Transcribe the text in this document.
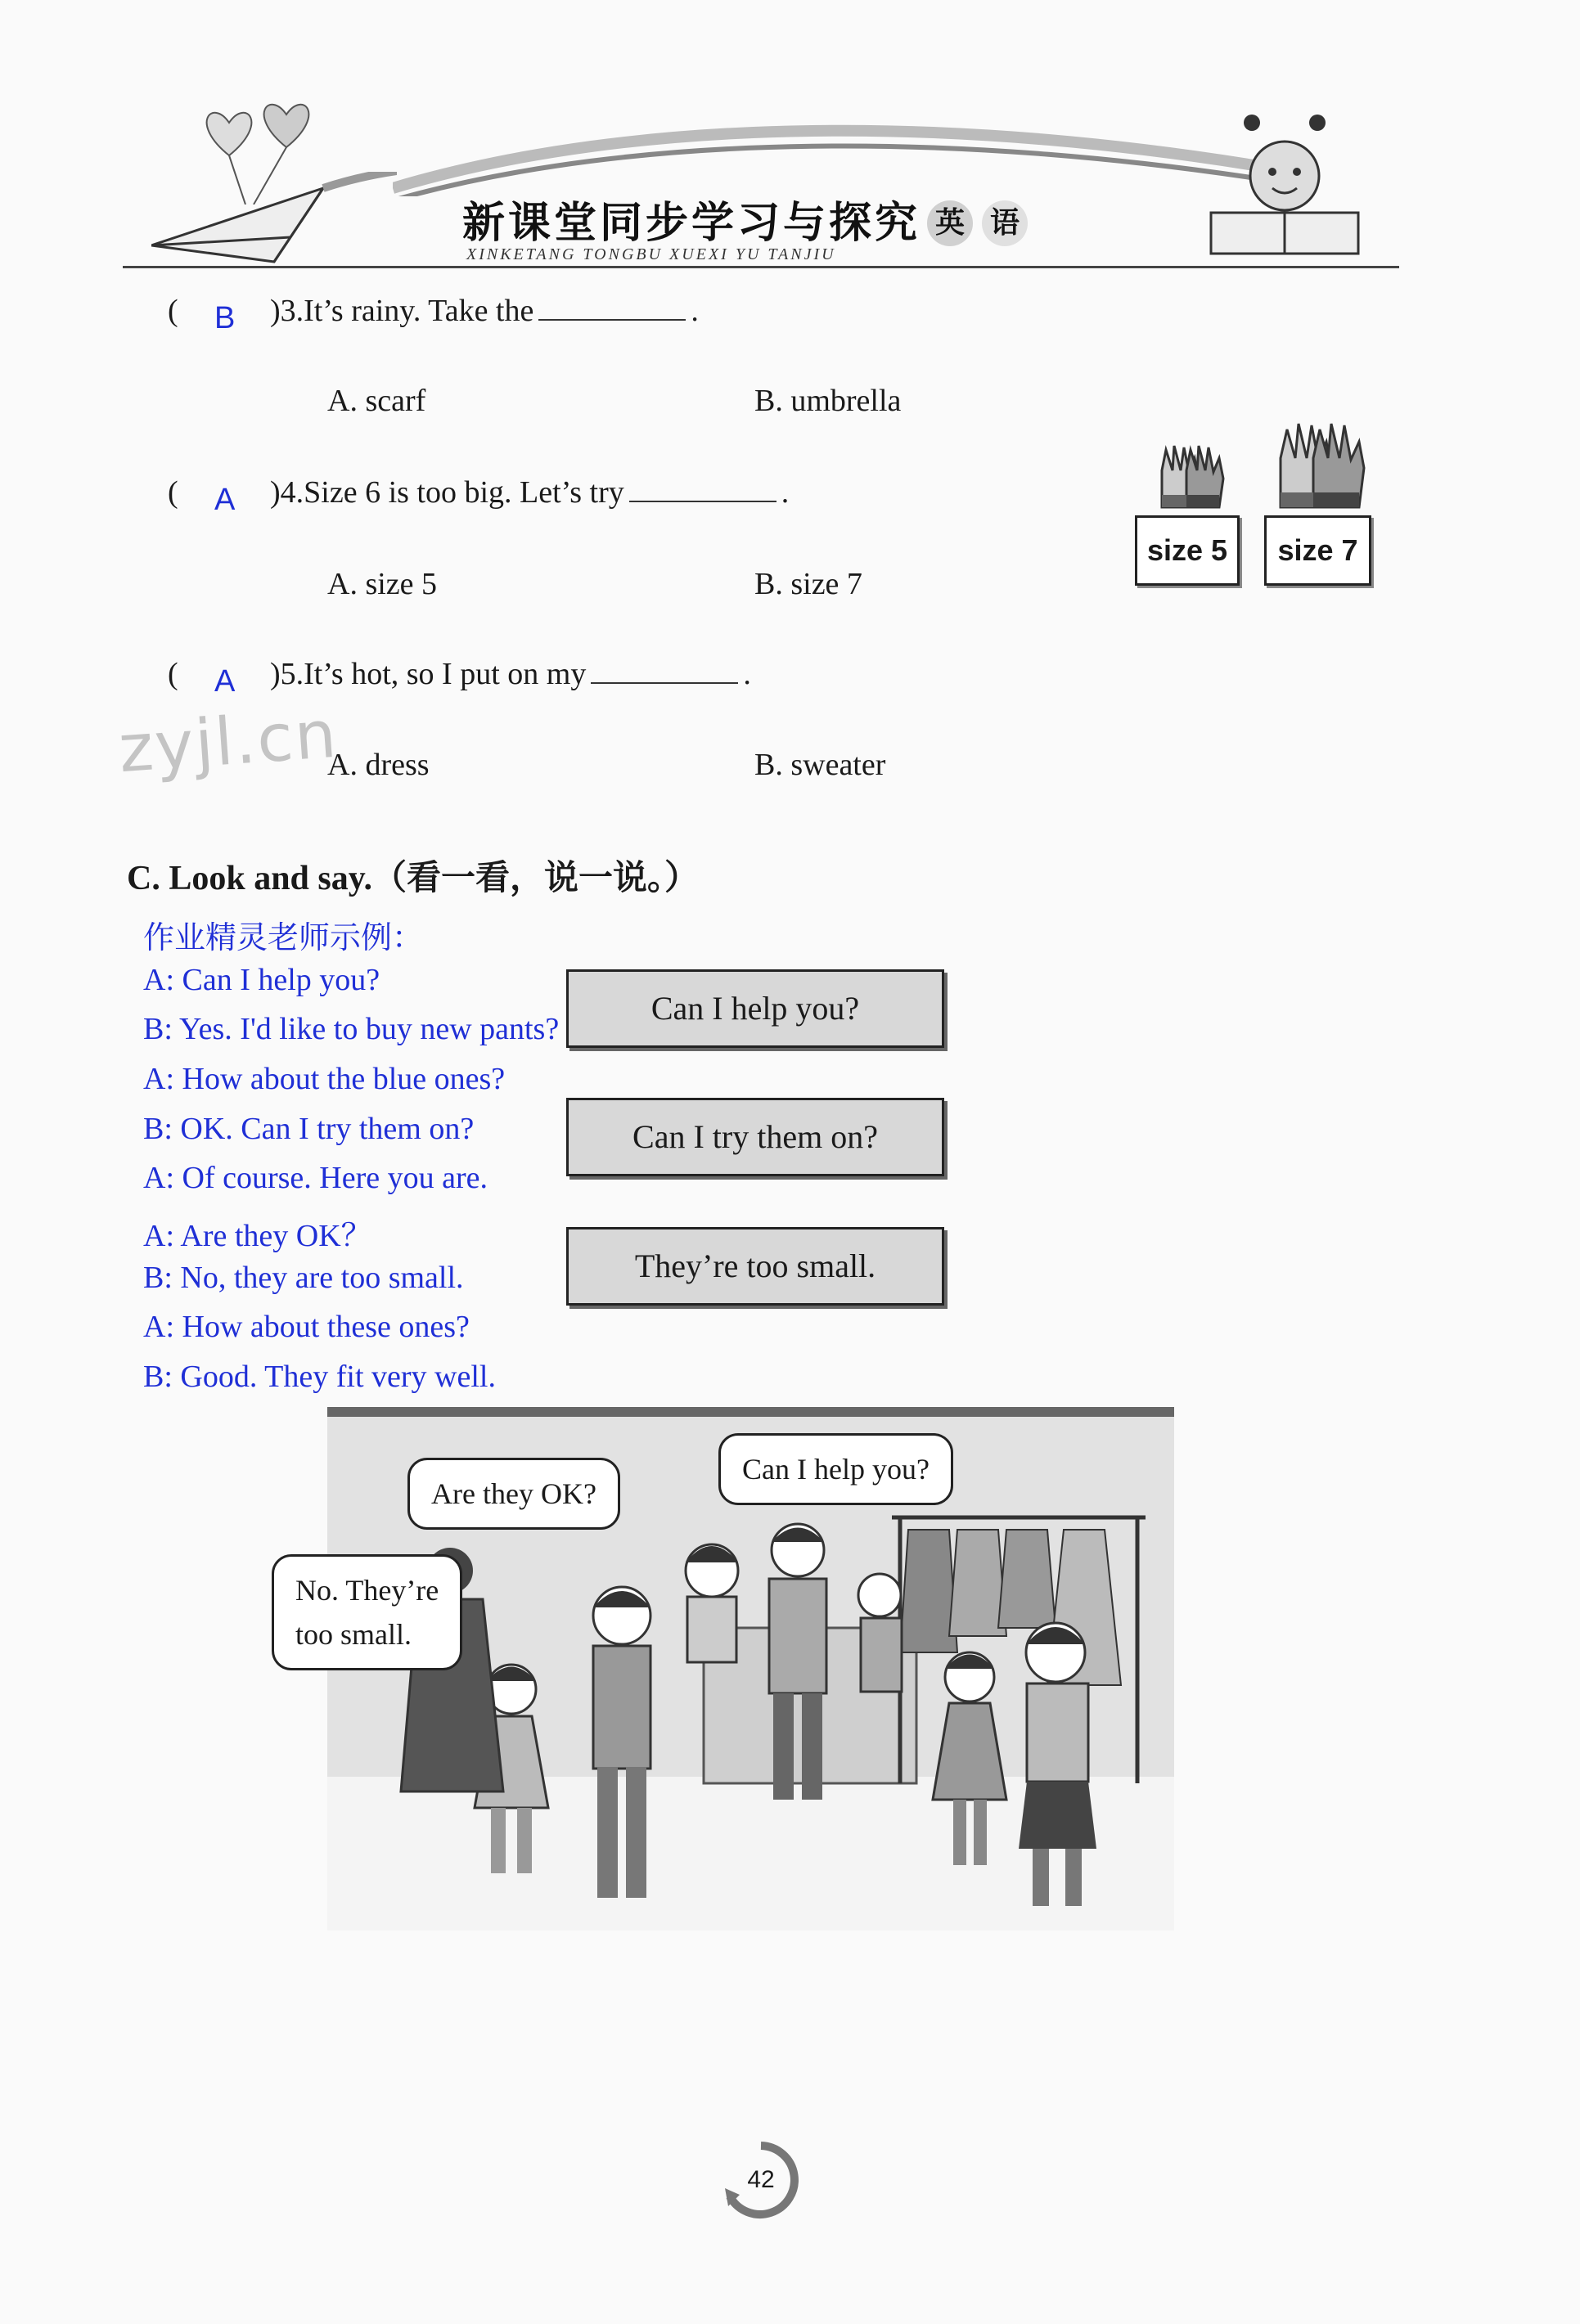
新课堂同步学习与探究
XINKETANG TONGBU XUEXI YU TANJIU
英 语
zyjl.cn
( B )3.It’s rainy. Take the	.
A. scarf	B. umbrella
( A )4.Size 6 is too big. Let’s try	.
A. size 5	B. size 7
size 5	size 7
( A )5.It’s hot, so I put on my	.
A. dress	B. sweater
C. Look and say.（看一看，说一说。）
作业精灵老师示例：
A: Can I help you?
B: Yes. I'd like to buy new pants?
A: How about the blue ones?
B: OK. Can I try them on?
A: Of course. Here you are.
A: Are they OK？
B: No, they are too small.
A: How about these ones?
B: Good. They fit very well.
Can I help you?
Can I try them on?
They’re too small.
Are they OK?
Can I help you?
No. They’re
too small.
42
